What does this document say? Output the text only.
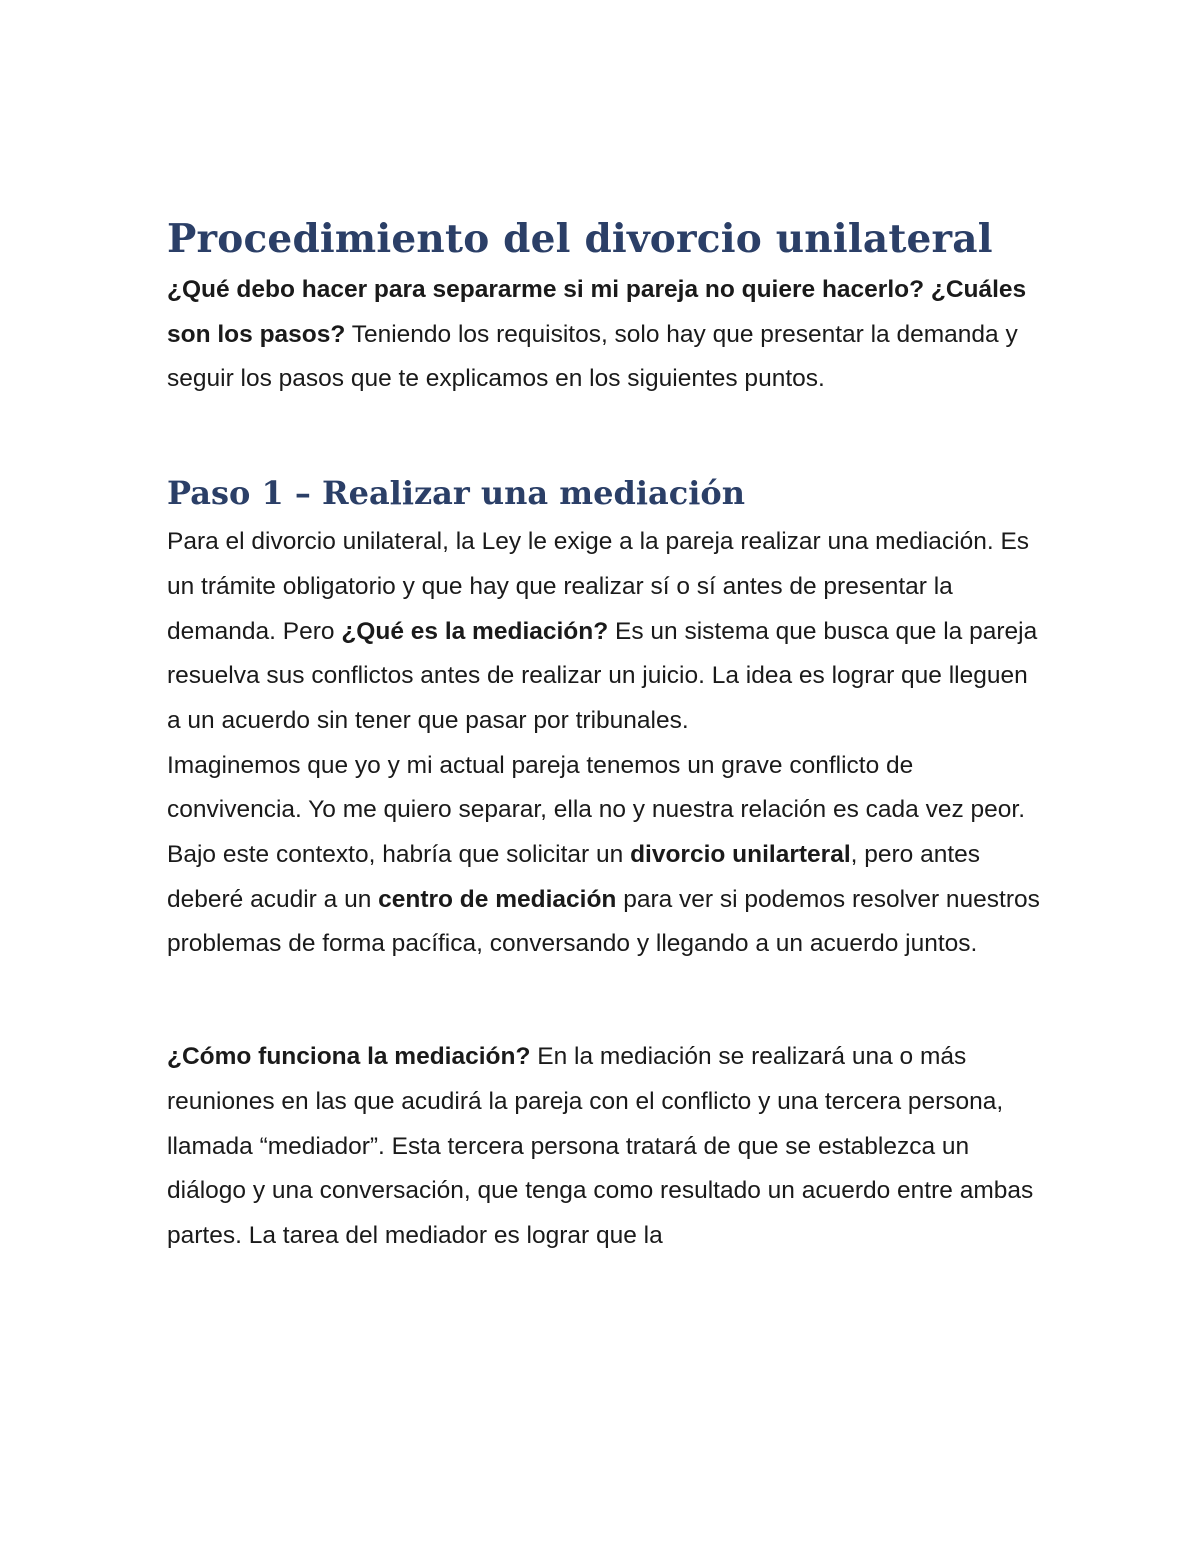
Procedimiento del divorcio unilateral

¿Qué debo hacer para separarme si mi pareja no quiere hacerlo? ¿Cuáles son los pasos? Teniendo los requisitos, solo hay que presentar la demanda y seguir los pasos que te explicamos en los siguientes puntos.

Paso 1 – Realizar una mediación

Para el divorcio unilateral, la Ley le exige a la pareja realizar una mediación. Es un trámite obligatorio y que hay que realizar sí o sí antes de presentar la demanda. Pero ¿Qué es la mediación? Es un sistema que busca que la pareja resuelva sus conflictos antes de realizar un juicio. La idea es lograr que lleguen a un acuerdo sin tener que pasar por tribunales.

Imaginemos que yo y mi actual pareja tenemos un grave conflicto de convivencia. Yo me quiero separar, ella no y nuestra relación es cada vez peor. Bajo este contexto, habría que solicitar un divorcio unilarteral, pero antes deberé acudir a un centro de mediación para ver si podemos resolver nuestros problemas de forma pacífica, conversando y llegando a un acuerdo juntos.

¿Cómo funciona la mediación? En la mediación se realizará una o más reuniones en las que acudirá la pareja con el conflicto y una tercera persona, llamada “mediador”. Esta tercera persona tratará de que se establezca un diálogo y una conversación, que tenga como resultado un acuerdo entre ambas partes. La tarea del mediador es lograr que la
